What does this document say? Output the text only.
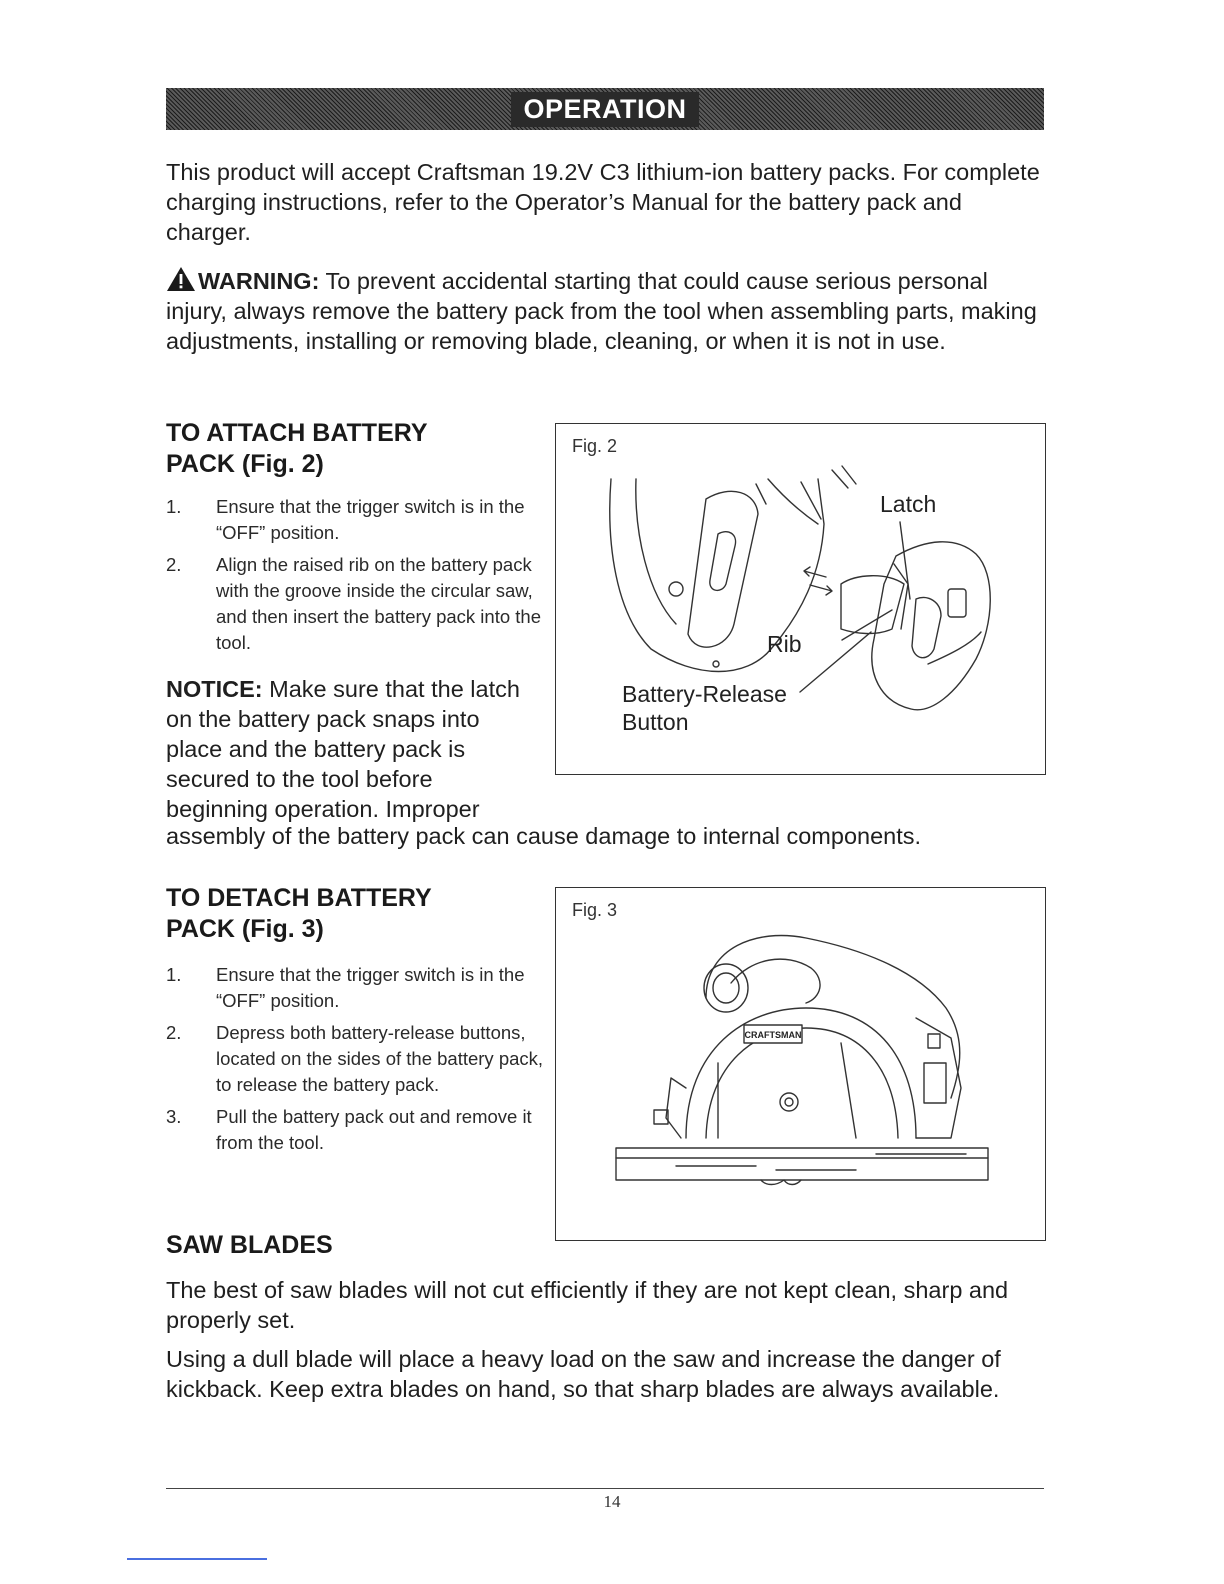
OPERATION

This product will accept Craftsman 19.2V C3 lithium-ion battery packs. For complete charging instructions, refer to the Operator’s Manual for the battery pack and charger.

WARNING: To prevent accidental starting that could cause serious personal injury, always remove the battery pack from the tool when assembling parts, making adjustments, installing or removing blade, cleaning, or when it is not in use.

TO ATTACH BATTERY
PACK (Fig. 2)
1. Ensure that the trigger switch is in the “OFF” position.
2. Align the raised rib on the battery pack with the groove inside the circular saw, and then insert the battery pack into the tool.

NOTICE: Make sure that the latch on the battery pack snaps into place and the battery pack is secured to the tool before beginning operation. Improper

assembly of the battery pack can cause damage to internal components.

Fig. 2
Latch
Rib
Battery-Release
Button
TO DETACH BATTERY
PACK (Fig. 3)
1. Ensure that the trigger switch is in the “OFF” position.
2. Depress both battery-release buttons, located on the sides of the battery pack, to release the battery pack.
3. Pull the battery pack out and remove it from the tool.
Fig. 3
CRAFTSMAN
SAW BLADES

The best of saw blades will not cut efficiently if they are not kept clean, sharp and properly set.

Using a dull blade will place a heavy load on the saw and increase the danger of kickback. Keep extra blades on hand, so that sharp blades are always available.

14
